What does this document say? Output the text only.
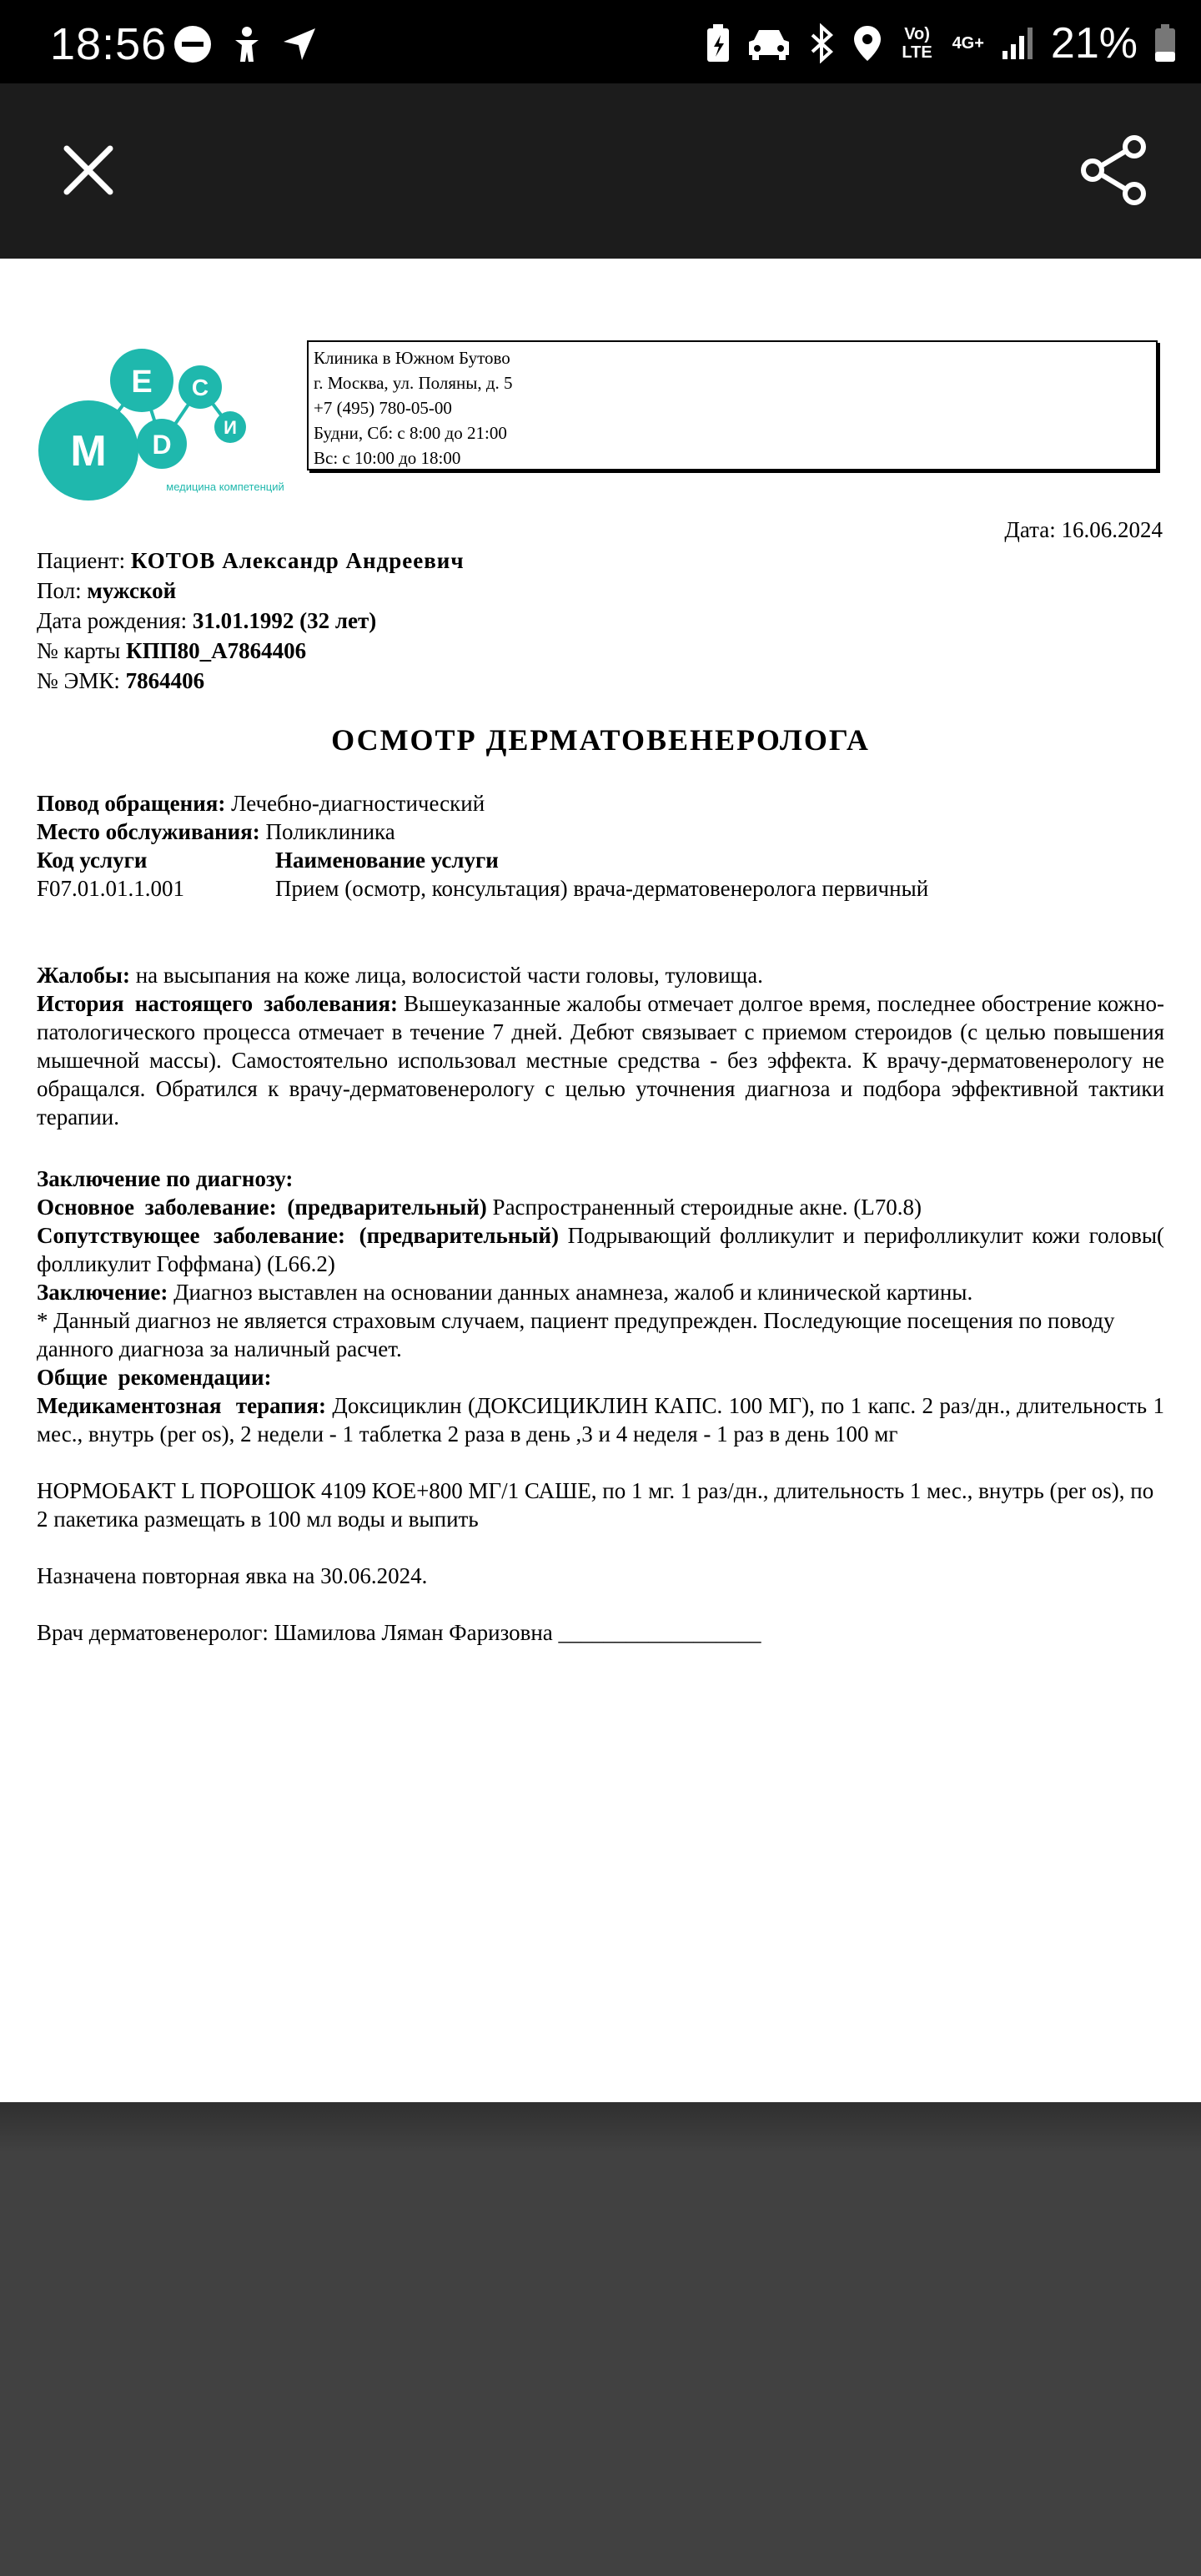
18:56	Vo) LTE 4G+ 21%
M
E
D
С
И
медицина компетенций
Клиника в Южном Бутово
г. Москва, ул. Поляны, д. 5
+7 (495) 780-05-00
Будни, Сб: с 8:00 до 21:00
Вс: с 10:00 до 18:00
Дата: 16.06.2024
Пациент: КОТОВ Александр Андреевич
Пол: мужской
Дата рождения: 31.01.1992 (32 лет)
№ карты КПП80_А7864406
№ ЭМК: 7864406
ОСМОТР ДЕРМАТОВЕНЕРОЛОГА
Повод обращения: Лечебно-диагностический
Место обслуживания: Поликлиника
Код услуги	Наименование услуги
F07.01.01.1.001	Прием (осмотр, консультация) врача-дерматовенеролога первичный
Жалобы: на высыпания на коже лица, волосистой части головы, туловища.
История настоящего заболевания: Вышеуказанные жалобы отмечает долгое время, последнее обострение кожно-патологического процесса отмечает в течение 7 дней. Дебют связывает с приемом стероидов (с целью повышения мышечной массы). Самостоятельно использовал местные средства - без эффекта. К врачу-дерматовенерологу не обращался. Обратился к врачу-дерматовенерологу с целью уточнения диагноза и подбора эффективной тактики терапии.
Заключение по диагнозу:
Основное заболевание: (предварительный) Распространенный стероидные акне. (L70.8)
Сопутствующее заболевание: (предварительный) Подрывающий фолликулит и перифолликулит кожи головы( фолликулит Гоффмана) (L66.2)
Заключение: Диагноз выставлен на основании данных анамнеза, жалоб и клинической картины.
* Данный диагноз не является страховым случаем, пациент предупрежден. Последующие посещения по поводу данного диагноза за наличный расчет.
Общие рекомендации:
Медикаментозная терапия: Доксициклин (ДОКСИЦИКЛИН КАПС. 100 МГ), по 1 капс. 2 раз/дн., длительность 1 мес., внутрь (per os), 2 недели - 1 таблетка 2 раза в день ,3 и 4 неделя - 1 раз в день 100 мг
НОРМОБАКТ L ПОРОШОК 4109 КОЕ+800 МГ/1 САШЕ, по 1 мг. 1 раз/дн., длительность 1 мес., внутрь (per os), по 2 пакетика размещать в 100 мл воды и выпить
Назначена повторная явка на 30.06.2024.
Врач дерматовенеролог: Шамилова Ляман Фаризовна __________________
